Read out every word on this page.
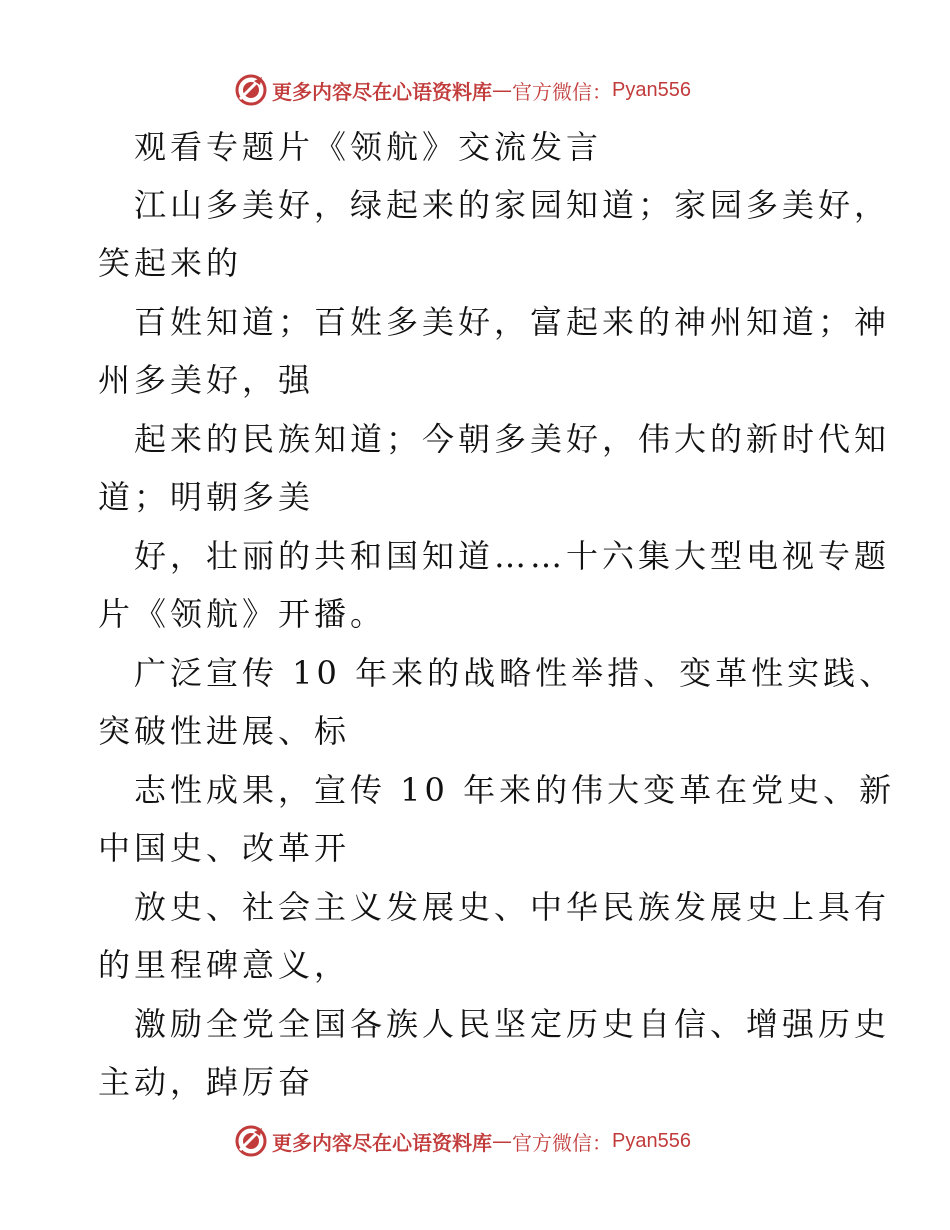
更多内容尽在心语资料库 — 官方微信： Pyan556
观看专题片《领航》交流发言
江山多美好，绿起来的家园知道；家园多美好，
笑起来的
百姓知道；百姓多美好，富起来的神州知道；神
州多美好，强
起来的民族知道；今朝多美好，伟大的新时代知
道；明朝多美
好，壮丽的共和国知道……十六集大型电视专题
片《领航》开播。
广泛宣传 10 年来的战略性举措、变革性实践、
突破性进展、标
志性成果，宣传 10 年来的伟大变革在党史、新
中国史、改革开
放史、社会主义发展史、中华民族发展史上具有
的里程碑意义，
激励全党全国各族人民坚定历史自信、增强历史
主动，踔厉奋
更多内容尽在心语资料库 — 官方微信： Pyan556
